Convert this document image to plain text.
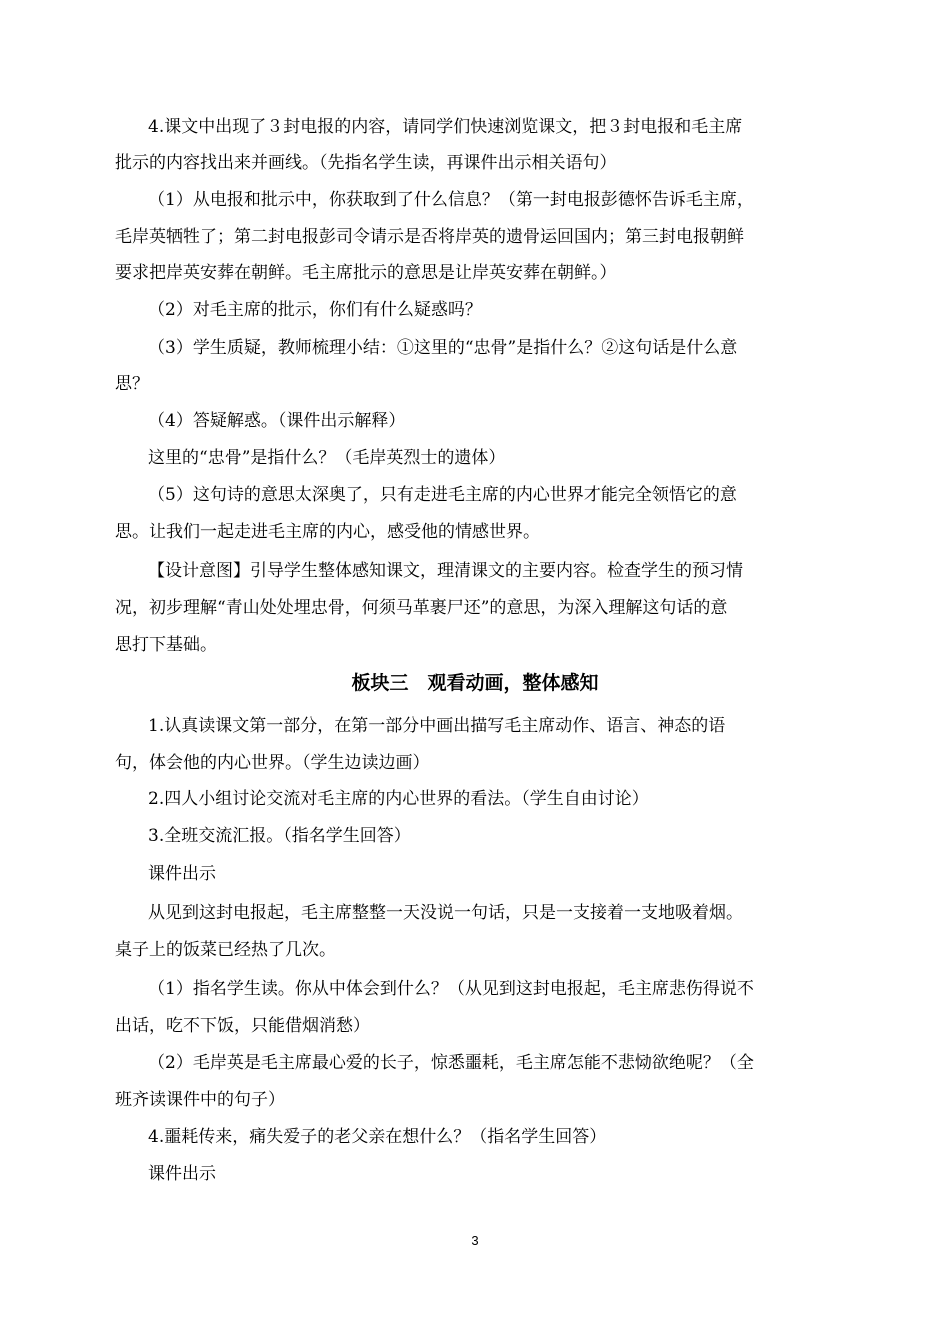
4.课文中出现了３封电报的内容，请同学们快速浏览课文，把３封电报和毛主席
批示的内容找出来并画线。（先指名学生读，再课件出示相关语句）
（1）从电报和批示中，你获取到了什么信息？（第一封电报彭德怀告诉毛主席，
毛岸英牺牲了；第二封电报彭司令请示是否将岸英的遗骨运回国内；第三封电报朝鲜
要求把岸英安葬在朝鲜。毛主席批示的意思是让岸英安葬在朝鲜。）
（2）对毛主席的批示，你们有什么疑惑吗？
（3）学生质疑，教师梳理小结：①这里的“忠骨”是指什么？②这句话是什么意
思？
（4）答疑解惑。（课件出示解释）
这里的“忠骨”是指什么？（毛岸英烈士的遗体）
（5）这句诗的意思太深奥了，只有走进毛主席的内心世界才能完全领悟它的意
思。让我们一起走进毛主席的内心，感受他的情感世界。
【设计意图】引导学生整体感知课文，理清课文的主要内容。检查学生的预习情
况，初步理解“青山处处埋忠骨，何须马革裹尸还”的意思，为深入理解这句话的意
思打下基础。
板块三　观看动画，整体感知
1.认真读课文第一部分，在第一部分中画出描写毛主席动作、语言、神态的语
句，体会他的内心世界。（学生边读边画）
2.四人小组讨论交流对毛主席的内心世界的看法。（学生自由讨论）
3.全班交流汇报。（指名学生回答）
课件出示
从见到这封电报起，毛主席整整一天没说一句话，只是一支接着一支地吸着烟。
桌子上的饭菜已经热了几次。
（1）指名学生读。你从中体会到什么？（从见到这封电报起，毛主席悲伤得说不
出话，吃不下饭，只能借烟消愁）
（2）毛岸英是毛主席最心爱的长子，惊悉噩耗，毛主席怎能不悲恸欲绝呢？（全
班齐读课件中的句子）
4.噩耗传来，痛失爱子的老父亲在想什么？（指名学生回答）
课件出示
3
